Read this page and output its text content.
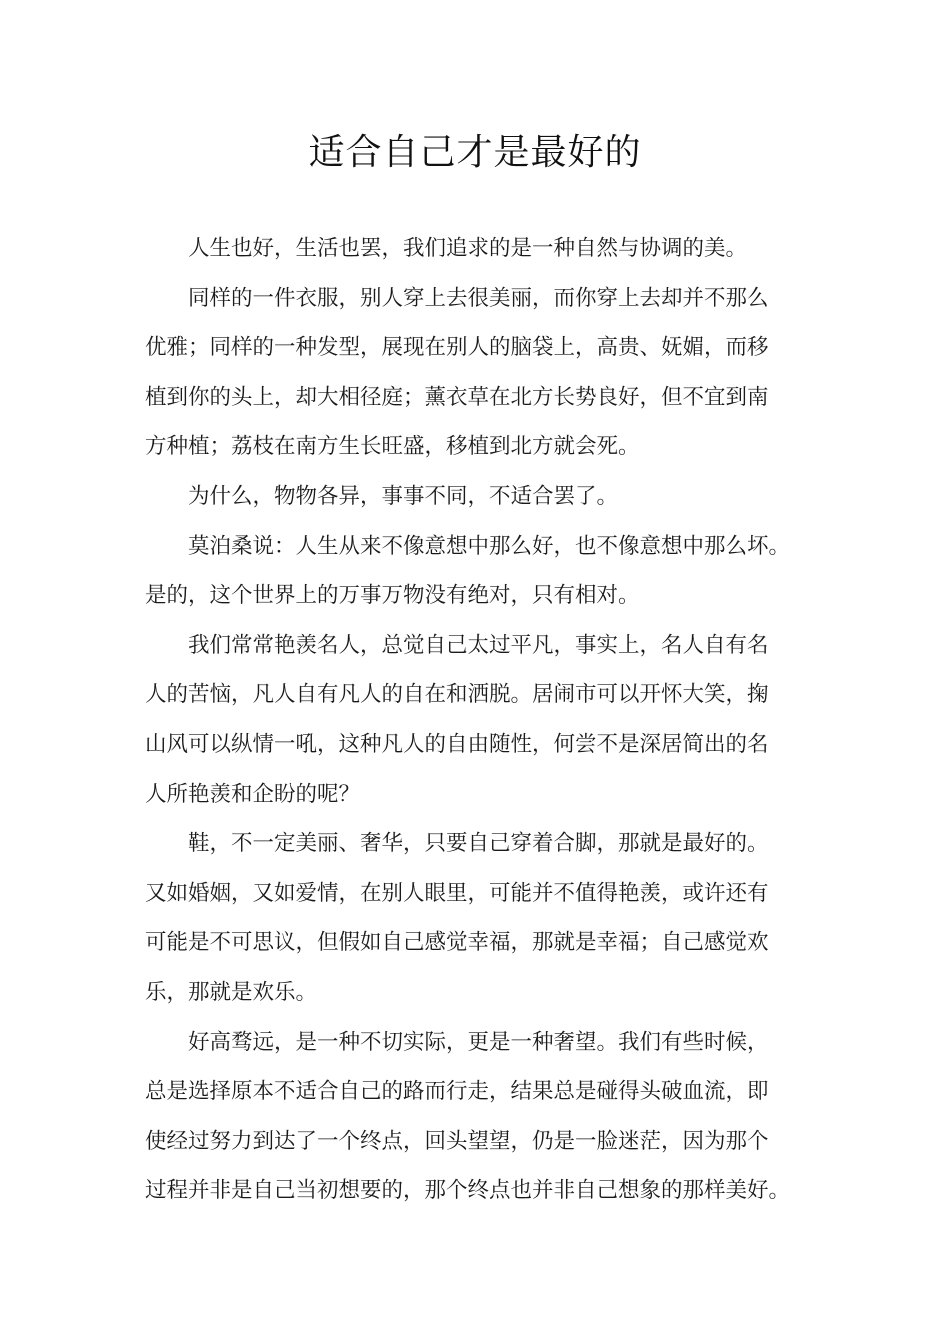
适合自己才是最好的
人生也好，生活也罢，我们追求的是一种自然与协调的美。
同样的一件衣服，别人穿上去很美丽，而你穿上去却并不那么
优雅；同样的一种发型，展现在别人的脑袋上，高贵、妩媚，而移
植到你的头上，却大相径庭；薰衣草在北方长势良好，但不宜到南
方种植；荔枝在南方生长旺盛，移植到北方就会死。
为什么，物物各异，事事不同，不适合罢了。
莫泊桑说：人生从来不像意想中那么好，也不像意想中那么坏。
是的，这个世界上的万事万物没有绝对，只有相对。
我们常常艳羡名人，总觉自己太过平凡，事实上，名人自有名
人的苦恼，凡人自有凡人的自在和洒脱。居闹市可以开怀大笑，掬
山风可以纵情一吼，这种凡人的自由随性，何尝不是深居简出的名
人所艳羡和企盼的呢？
鞋，不一定美丽、奢华，只要自己穿着合脚，那就是最好的。
又如婚姻，又如爱情，在别人眼里，可能并不值得艳羡，或许还有
可能是不可思议，但假如自己感觉幸福，那就是幸福；自己感觉欢
乐，那就是欢乐。
好高骛远，是一种不切实际，更是一种奢望。我们有些时候，
总是选择原本不适合自己的路而行走，结果总是碰得头破血流，即
使经过努力到达了一个终点，回头望望，仍是一脸迷茫，因为那个
过程并非是自己当初想要的，那个终点也并非自己想象的那样美好。
